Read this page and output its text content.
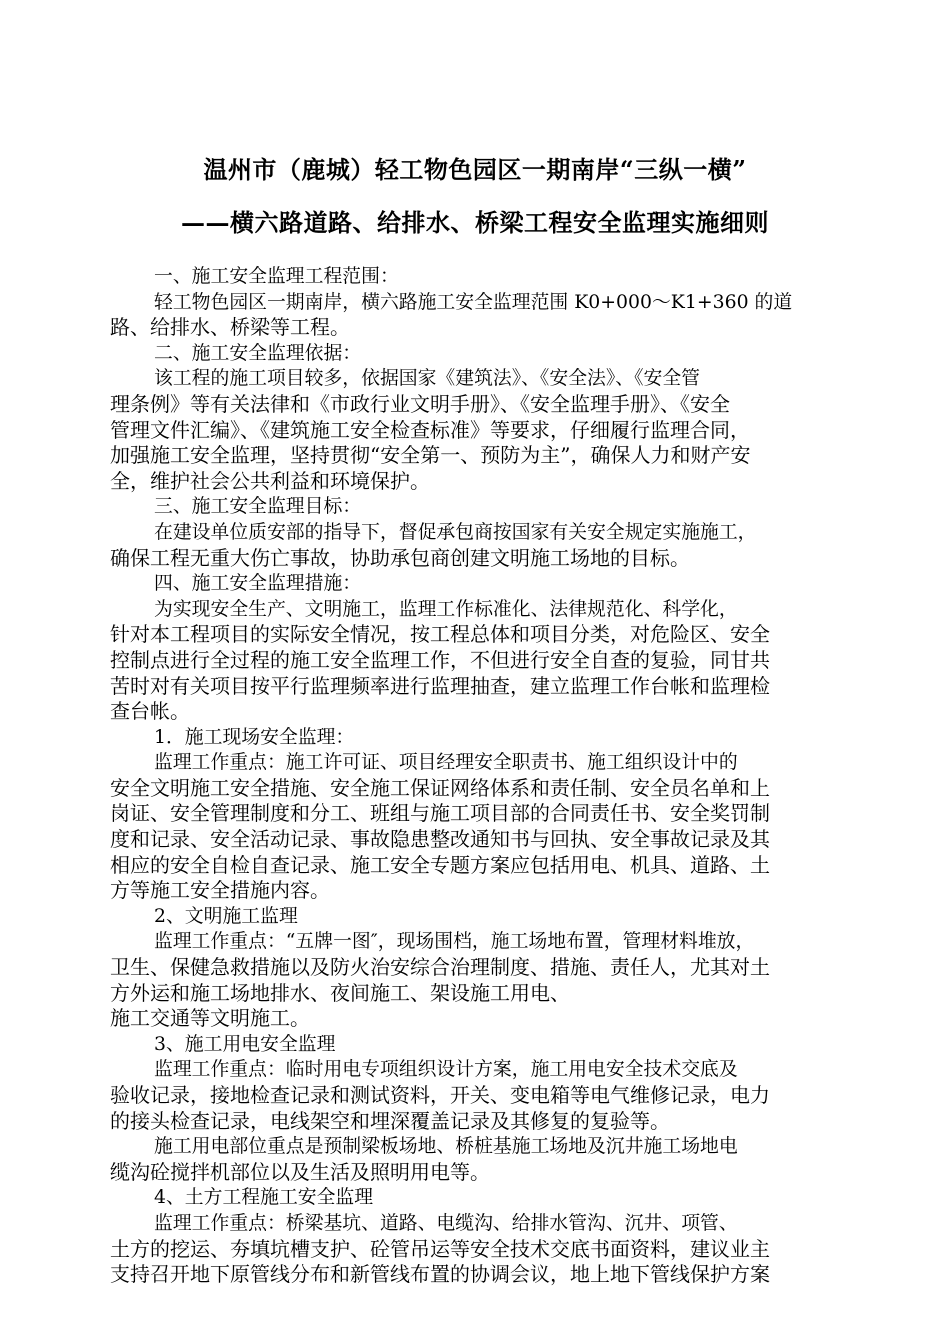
温州市（鹿城）轻工物色园区一期南岸“三纵一横”
——横六路道路、给排水、桥梁工程安全监理实施细则

一、施工安全监理工程范围：

轻工物色园区一期南岸，横六路施工安全监理范围 K0+000～K1+360 的道

路、给排水、桥梁等工程。

二、施工安全监理依据：

该工程的施工项目较多，依据国家《建筑法》、《安全法》、《安全管

理条例》等有关法律和《市政行业文明手册》、《安全监理手册》、《安全

管理文件汇编》、《建筑施工安全检查标准》等要求，仔细履行监理合同，

加强施工安全监理，坚持贯彻“安全第一、预防为主”，确保人力和财产安

全，维护社会公共利益和环境保护。

三、施工安全监理目标：

在建设单位质安部的指导下，督促承包商按国家有关安全规定实施施工，

确保工程无重大伤亡事故，协助承包商创建文明施工场地的目标。

四、施工安全监理措施：

为实现安全生产、文明施工，监理工作标准化、法律规范化、科学化，

针对本工程项目的实际安全情况，按工程总体和项目分类，对危险区、安全

控制点进行全过程的施工安全监理工作，不但进行安全自查的复验，同甘共

苦时对有关项目按平行监理频率进行监理抽查，建立监理工作台帐和监理检

查台帐。

1．施工现场安全监理：

监理工作重点：施工许可证、项目经理安全职责书、施工组织设计中的

安全文明施工安全措施、安全施工保证网络体系和责任制、安全员名单和上

岗证、安全管理制度和分工、班组与施工项目部的合同责任书、安全奖罚制

度和记录、安全活动记录、事故隐患整改通知书与回执、安全事故记录及其

相应的安全自检自查记录、施工安全专题方案应包括用电、机具、道路、土

方等施工安全措施内容。

2、文明施工监理

监理工作重点：“五牌一图″，现场围档，施工场地布置，管理材料堆放，

卫生、保健急救措施以及防火治安综合治理制度、措施、责任人，尤其对土

方外运和施工场地排水、夜间施工、架设施工用电、

施工交通等文明施工。

3、施工用电安全监理

监理工作重点：临时用电专项组织设计方案，施工用电安全技术交底及

验收记录，接地检查记录和测试资料，开关、变电箱等电气维修记录，电力

的接头检查记录，电线架空和埋深覆盖记录及其修复的复验等。

施工用电部位重点是预制梁板场地、桥桩基施工场地及沉井施工场地电

缆沟砼搅拌机部位以及生活及照明用电等。

4、土方工程施工安全监理

监理工作重点：桥梁基坑、道路、电缆沟、给排水管沟、沉井、项管、

土方的挖运、夯填坑槽支护、砼管吊运等安全技术交底书面资料，建议业主

支持召开地下原管线分布和新管线布置的协调会议，地上地下管线保护方案
